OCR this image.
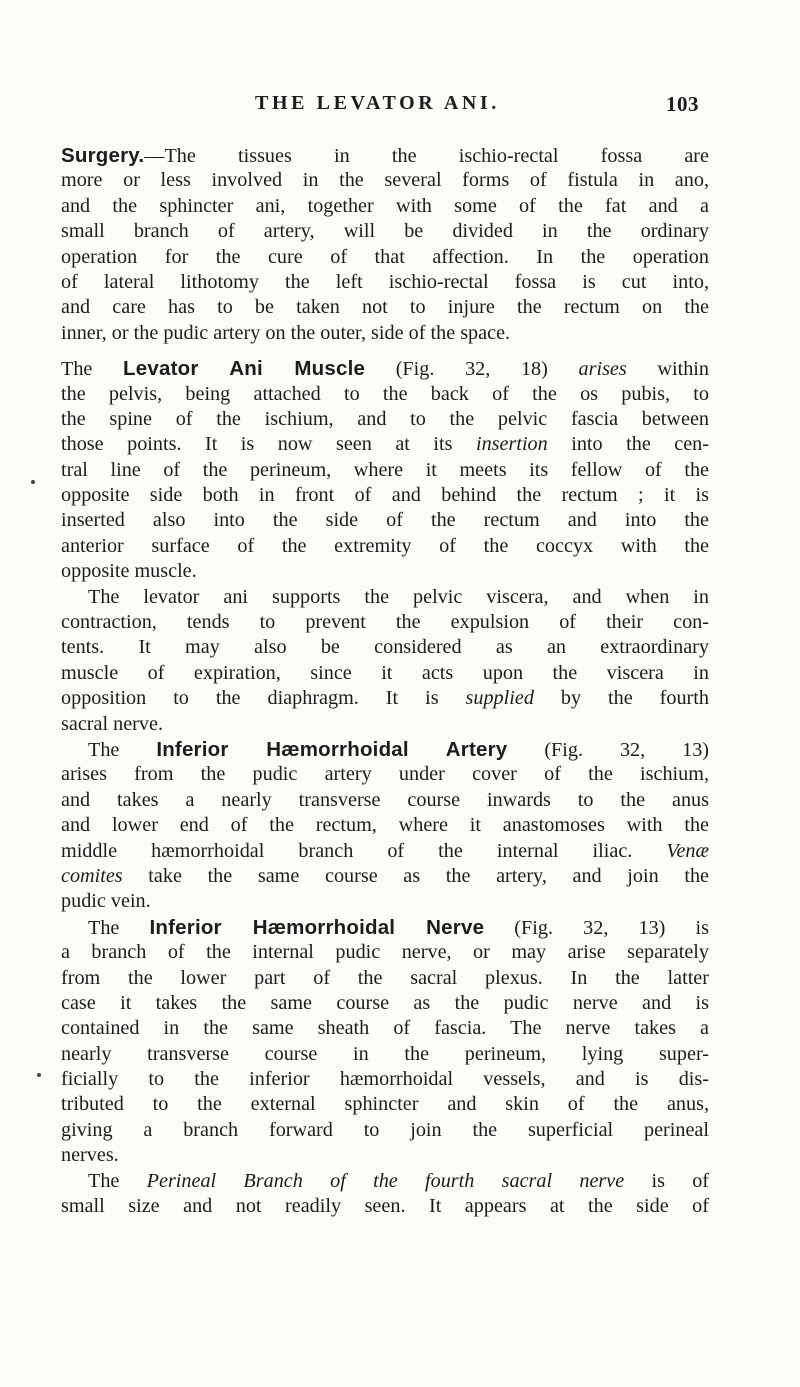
THE LEVATOR ANI.	103
Surgery.—The tissues in the ischio-rectal fossa are
more or less involved in the several forms of fistula in ano,
and the sphincter ani, together with some of the fat and a
small branch of artery, will be divided in the ordinary
operation for the cure of that affection. In the operation
of lateral lithotomy the left ischio-rectal fossa is cut into,
and care has to be taken not to injure the rectum on the
inner, or the pudic artery on the outer, side of the space.
The Levator Ani Muscle (Fig. 32, 18) arises within
the pelvis, being attached to the back of the os pubis, to
the spine of the ischium, and to the pelvic fascia between
those points. It is now seen at its insertion into the cen-
tral line of the perineum, where it meets its fellow of the
opposite side both in front of and behind the rectum ; it is
inserted also into the side of the rectum and into the
anterior surface of the extremity of the coccyx with the
opposite muscle.
The levator ani supports the pelvic viscera, and when in
contraction, tends to prevent the expulsion of their con-
tents. It may also be considered as an extraordinary
muscle of expiration, since it acts upon the viscera in
opposition to the diaphragm. It is supplied by the fourth
sacral nerve.
The Inferior Hæmorrhoidal Artery (Fig. 32, 13)
arises from the pudic artery under cover of the ischium,
and takes a nearly transverse course inwards to the anus
and lower end of the rectum, where it anastomoses with the
middle hæmorrhoidal branch of the internal iliac. Venæ
comites take the same course as the artery, and join the
pudic vein.
The Inferior Hæmorrhoidal Nerve (Fig. 32, 13) is
a branch of the internal pudic nerve, or may arise separately
from the lower part of the sacral plexus. In the latter
case it takes the same course as the pudic nerve and is
contained in the same sheath of fascia. The nerve takes a
nearly transverse course in the perineum, lying super-
ficially to the inferior hæmorrhoidal vessels, and is dis-
tributed to the external sphincter and skin of the anus,
giving a branch forward to join the superficial perineal
nerves.
The Perineal Branch of the fourth sacral nerve is of
small size and not readily seen. It appears at the side of
